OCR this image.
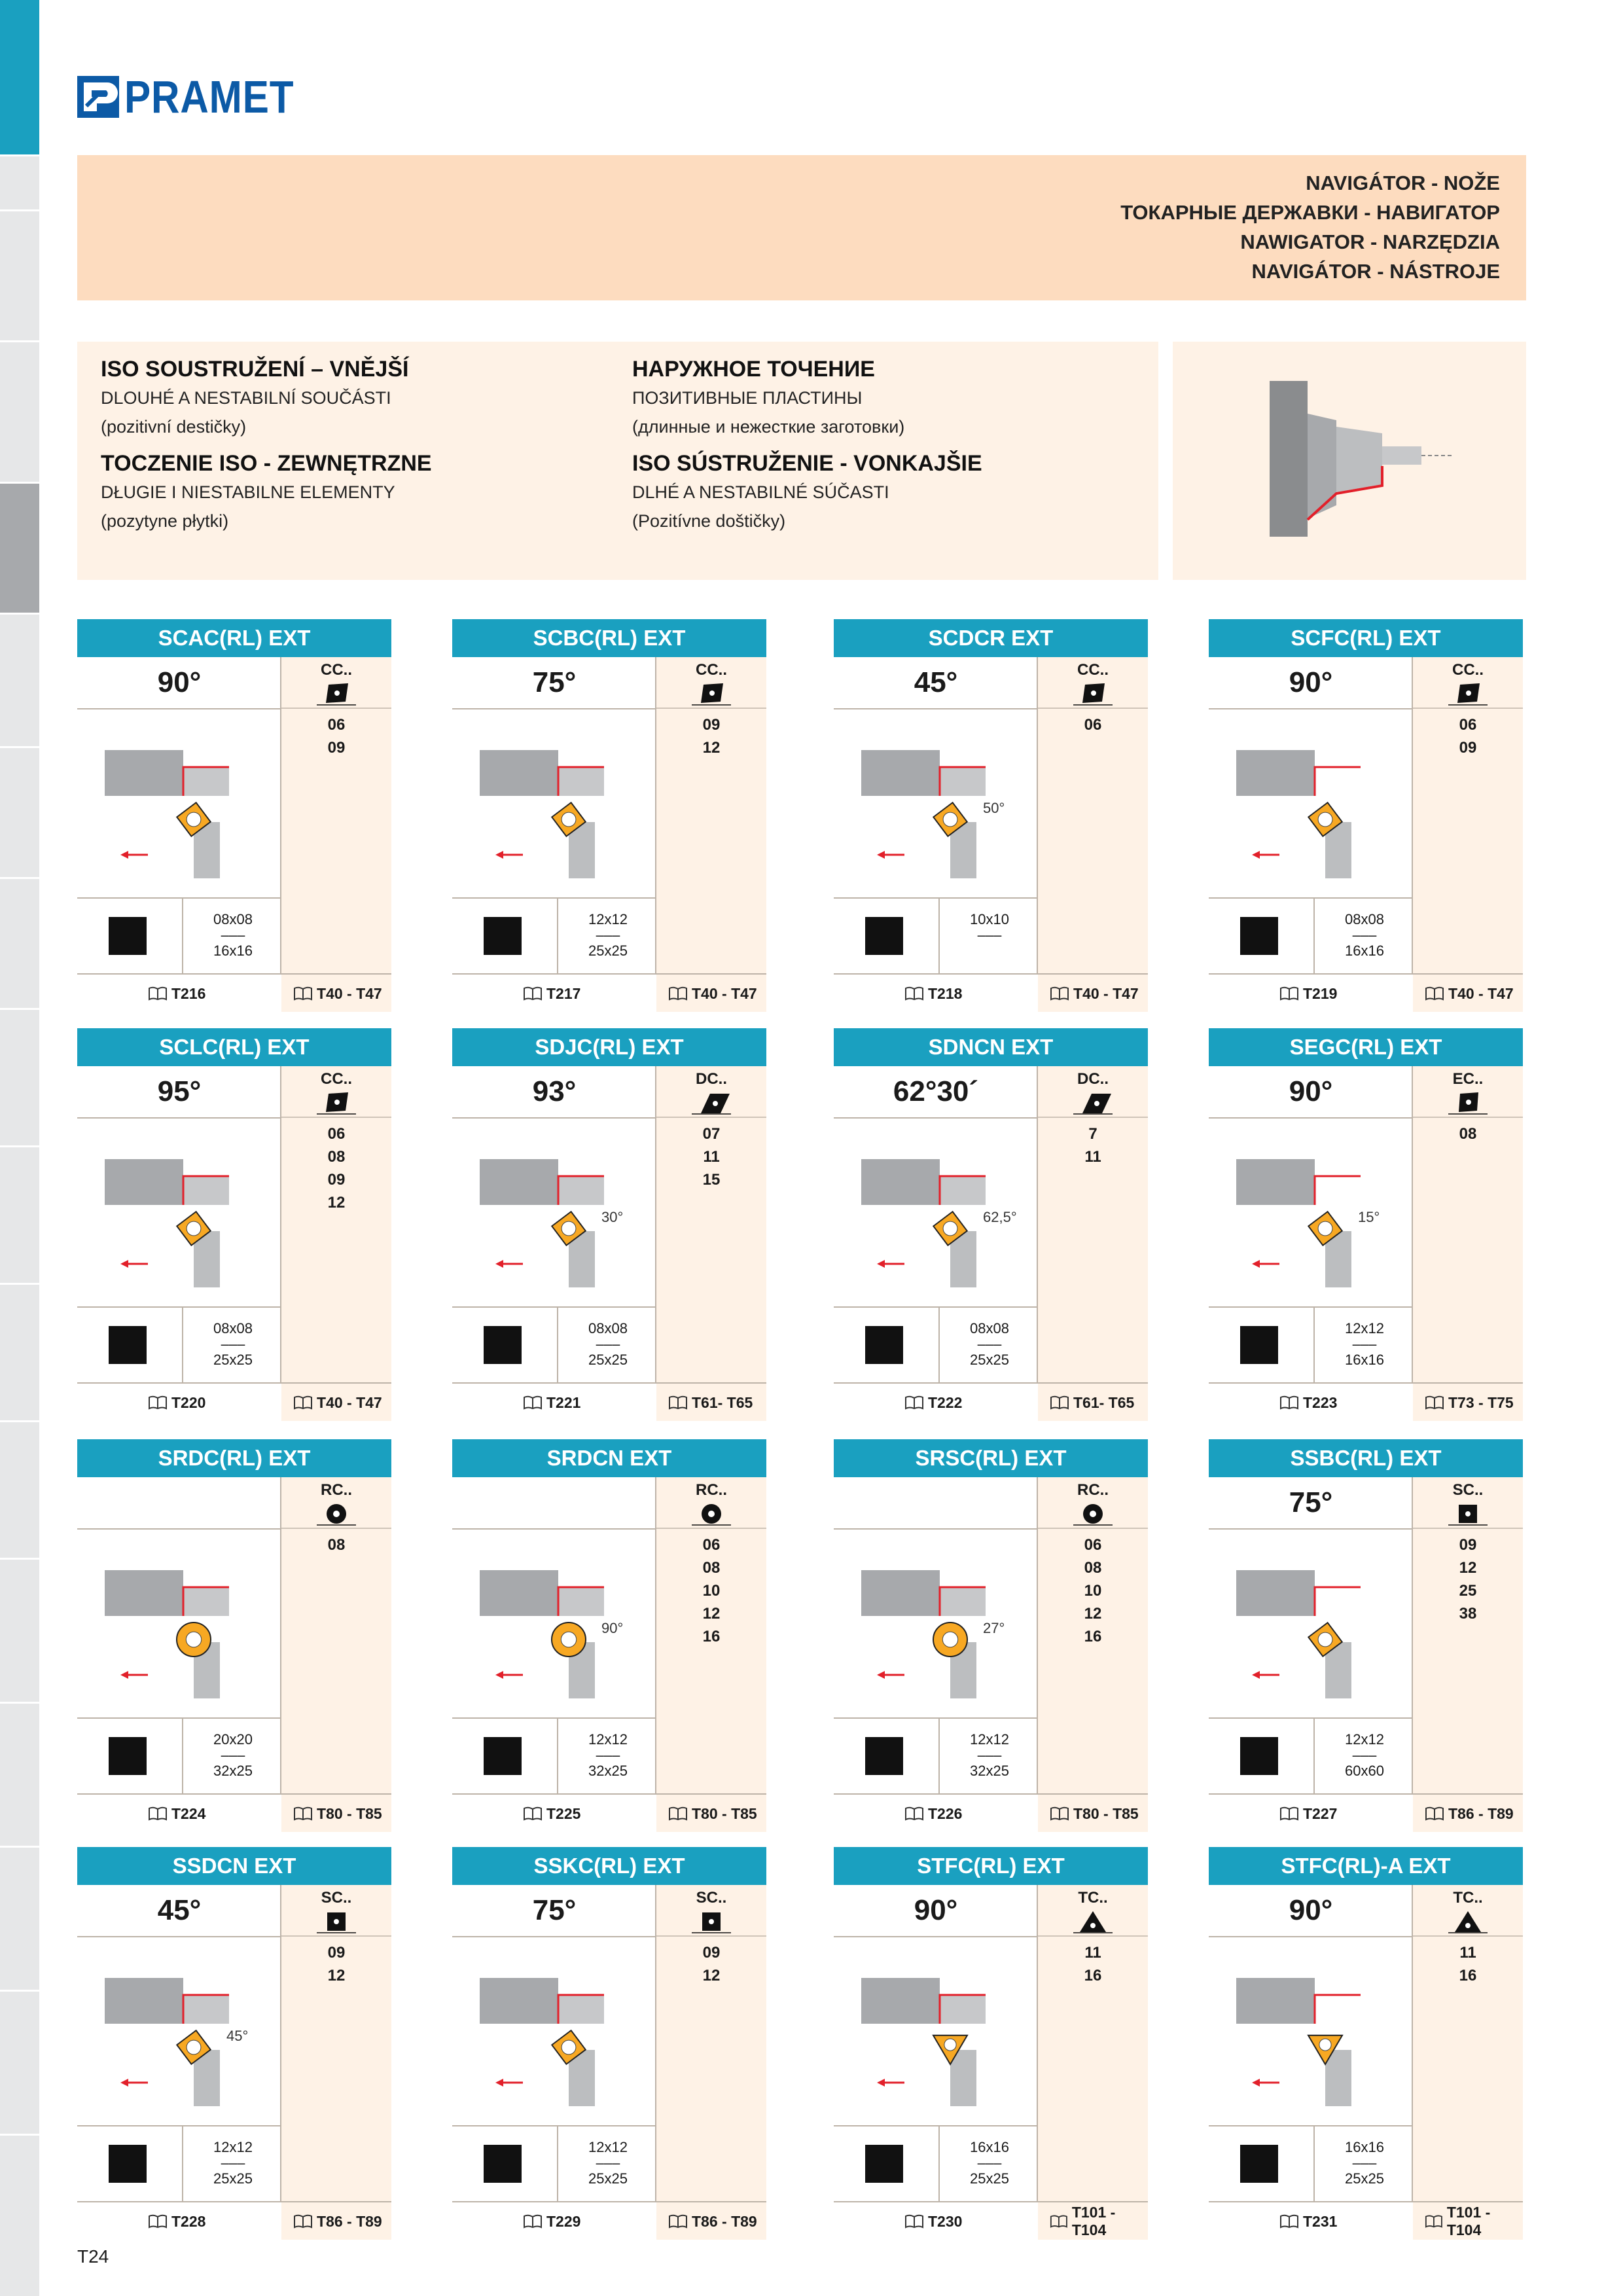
PRAMET
NAVIGÁTOR - NOŽE
ТОКАРНЫЕ ДЕРЖАВКИ - НАВИГАТОР
NAWIGATOR - NARZĘDZIA
NAVIGÁTOR - NÁSTROJE
ISO SOUSTRUŽENÍ – VNĚJŠÍ
DLOUHÉ A NESTABILNÍ SOUČÁSTI
(pozitivní destičky)
TOCZENIE ISO - ZEWNĘTRZNE
DŁUGIE I NIESTABILNE ELEMENTY
(pozytyne płytki)
НАРУЖНОЕ ТОЧЕНИЕ
ПОЗИТИВНЫЕ ПЛАСТИНЫ
(длинные и нежесткие заготовки)
ISO SÚSTRUŽENIE - VONKAJŠIE
DLHÉ A NESTABILNÉ SÚČASTI
(Pozitívne doštičky)
SCAC(RL) EXT
90°	CC..
06
09
08x08
–––
16x16
T216	T40 - T47
SCBC(RL) EXT
75°	CC..
09
12
12x12
–––
25x25
T217	T40 - T47
SCDCR EXT
45°	CC..
06
50°
10x10
–––
T218	T40 - T47
SCFC(RL) EXT
90°	CC..
06
09
08x08
–––
16x16
T219	T40 - T47
SCLC(RL) EXT
95°	CC..
06
08
09
12
08x08
–––
25x25
T220	T40 - T47
SDJC(RL) EXT
93°	DC..
07
11
15
30°
08x08
–––
25x25
T221	T61- T65
SDNCN EXT
62°30´	DC..
7
11
62,5°
08x08
–––
25x25
T222	T61- T65
SEGC(RL) EXT
90°	EC..
08
15°
12x12
–––
16x16
T223	T73 - T75
SRDC(RL) EXT
RC..
08
20x20
–––
32x25
T224	T80 - T85
SRDCN EXT
RC..
06
08
10
12
16
90°
12x12
–––
32x25
T225	T80 - T85
SRSC(RL) EXT
RC..
06
08
10
12
16
27°
12x12
–––
32x25
T226	T80 - T85
SSBC(RL) EXT
75°	SC..
09
12
25
38
12x12
–––
60x60
T227	T86 - T89
SSDCN EXT
45°	SC..
09
12
45°
12x12
–––
25x25
T228	T86 - T89
SSKC(RL) EXT
75°	SC..
09
12
12x12
–––
25x25
T229	T86 - T89
STFC(RL) EXT
90°	TC..
11
16
16x16
–––
25x25
T230
T101 - T104
STFC(RL)-A EXT
90°	TC..
11
16
16x16
–––
25x25
T231
T101 - T104
T24
